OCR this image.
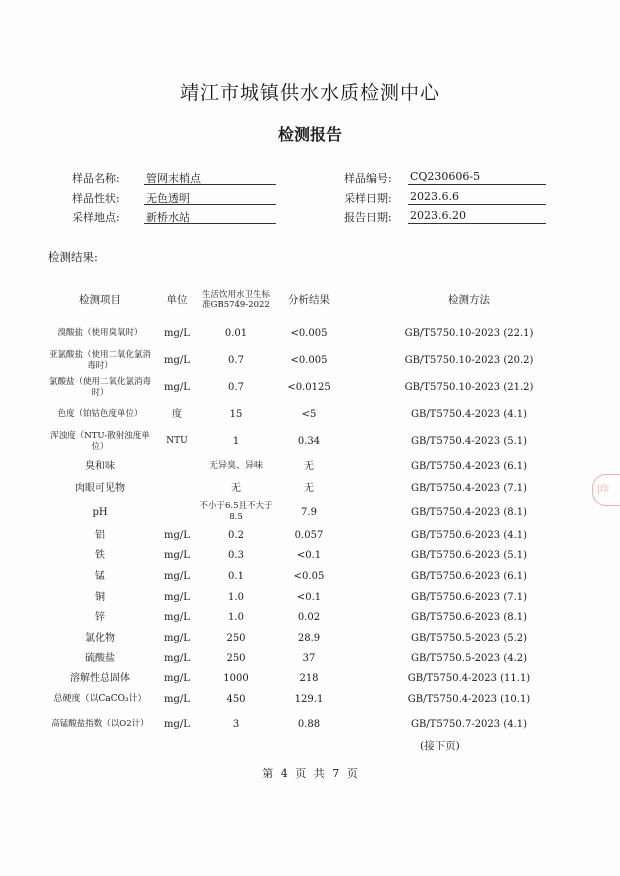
靖江市城镇供水水质检测中心
检测报告
样品名称: 管网末梢点
样品性状: 无色透明
采样地点: 新桥水站
样品编号: CQ230606-5
采样日期: 2023.6.6
报告日期: 2023.6.20
检测结果:
检测项目	单位	生活饮用水卫生标准GB5749-2022	分析结果	检测方法
溴酸盐（使用臭氧时）	mg/L	0.01	<0.005	GB/T5750.10-2023 (22.1)
亚氯酸盐（使用二氧化氯消毒时）	mg/L	0.7	<0.005	GB/T5750.10-2023 (20.2)
氯酸盐（使用二氧化氯消毒时）	mg/L	0.7	<0.0125	GB/T5750.10-2023 (21.2)
色度（铂钴色度单位）	度	15	<5	GB/T5750.4-2023 (4.1)
浑浊度（NTU-散射浊度单位）	NTU	1	0.34	GB/T5750.4-2023 (5.1)
臭和味		无异臭、异味	无	GB/T5750.4-2023 (6.1)
肉眼可见物		无	无	GB/T5750.4-2023 (7.1)
pH		不小于6.5且不大于8.5	7.9	GB/T5750.4-2023 (8.1)
铝	mg/L	0.2	0.057	GB/T5750.6-2023 (4.1)
铁	mg/L	0.3	<0.1	GB/T5750.6-2023 (5.1)
锰	mg/L	0.1	<0.05	GB/T5750.6-2023 (6.1)
铜	mg/L	1.0	<0.1	GB/T5750.6-2023 (7.1)
锌	mg/L	1.0	0.02	GB/T5750.6-2023 (8.1)
氯化物	mg/L	250	28.9	GB/T5750.5-2023 (5.2)
硫酸盐	mg/L	250	37	GB/T5750.5-2023 (4.2)
溶解性总固体	mg/L	1000	218	GB/T5750.4-2023 (11.1)
总硬度（以CaCO₃计）	mg/L	450	129.1	GB/T5750.4-2023 (10.1)
高锰酸盐指数（以O2计）	mg/L	3	0.88	GB/T5750.7-2023 (4.1)
(接下页)
第 4 页 共 7 页
|印
